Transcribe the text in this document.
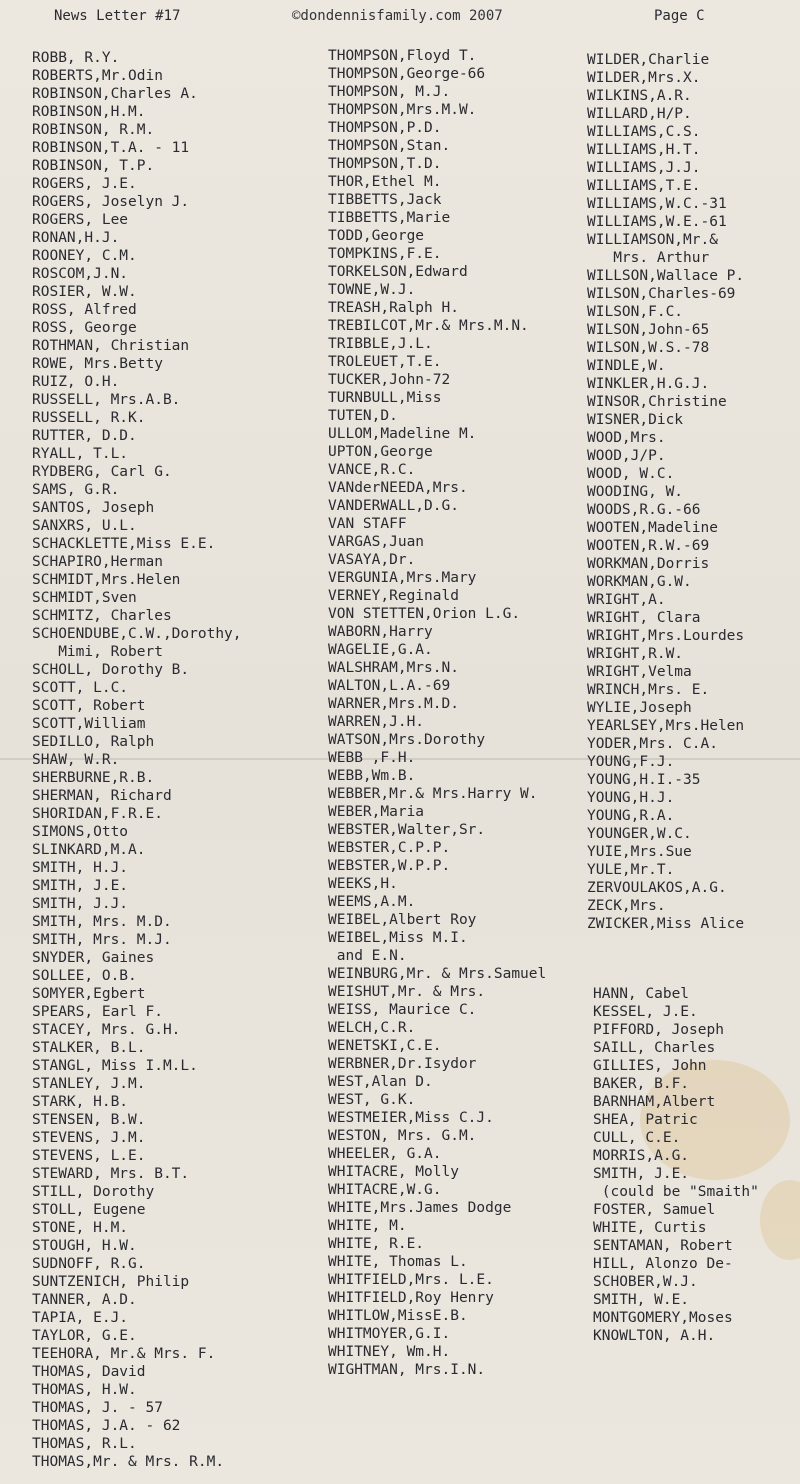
News Letter #17	©dondennisfamily.com 2007	Page C
ROBB, R.Y.
ROBERTS,Mr.Odin
ROBINSON,Charles A.
ROBINSON,H.M.
ROBINSON, R.M.
ROBINSON,T.A. - 11
ROBINSON, T.P.
ROGERS, J.E.
ROGERS, Joselyn J.
ROGERS, Lee
RONAN,H.J.
ROONEY, C.M.
ROSCOM,J.N.
ROSIER, W.W.
ROSS, Alfred
ROSS, George
ROTHMAN, Christian
ROWE, Mrs.Betty
RUIZ, O.H.
RUSSELL, Mrs.A.B.
RUSSELL, R.K.
RUTTER, D.D.
RYALL, T.L.
RYDBERG, Carl G.
SAMS, G.R.
SANTOS, Joseph
SANXRS, U.L.
SCHACKLETTE,Miss E.E.
SCHAPIRO,Herman
SCHMIDT,Mrs.Helen
SCHMIDT,Sven
SCHMITZ, Charles
SCHOENDUBE,C.W.,Dorothy,
Mimi, Robert
SCHOLL, Dorothy B.
SCOTT, L.C.
SCOTT, Robert
SCOTT,William
SEDILLO, Ralph
SHAW, W.R.
SHERBURNE,R.B.
SHERMAN, Richard
SHORIDAN,F.R.E.
SIMONS,Otto
SLINKARD,M.A.
SMITH, H.J.
SMITH, J.E.
SMITH, J.J.
SMITH, Mrs. M.D.
SMITH, Mrs. M.J.
SNYDER, Gaines
SOLLEE, O.B.
SOMYER,Egbert
SPEARS, Earl F.
STACEY, Mrs. G.H.
STALKER, B.L.
STANGL, Miss I.M.L.
STANLEY, J.M.
STARK, H.B.
STENSEN, B.W.
STEVENS, J.M.
STEVENS, L.E.
STEWARD, Mrs. B.T.
STILL, Dorothy
STOLL, Eugene
STONE, H.M.
STOUGH, H.W.
SUDNOFF, R.G.
SUNTZENICH, Philip
TANNER, A.D.
TAPIA, E.J.
TAYLOR, G.E.
TEEHORA, Mr.& Mrs. F.
THOMAS, David
THOMAS, H.W.
THOMAS, J. - 57
THOMAS, J.A. - 62
THOMAS, R.L.
THOMAS,Mr. & Mrs. R.M.
THOMPSON,Floyd T.
THOMPSON,George-66
THOMPSON, M.J.
THOMPSON,Mrs.M.W.
THOMPSON,P.D.
THOMPSON,Stan.
THOMPSON,T.D.
THOR,Ethel M.
TIBBETTS,Jack
TIBBETTS,Marie
TODD,George
TOMPKINS,F.E.
TORKELSON,Edward
TOWNE,W.J.
TREASH,Ralph H.
TREBILCOT,Mr.& Mrs.M.N.
TRIBBLE,J.L.
TROLEUET,T.E.
TUCKER,John-72
TURNBULL,Miss
TUTEN,D.
ULLOM,Madeline M.
UPTON,George
VANCE,R.C.
VANderNEEDA,Mrs.
VANDERWALL,D.G.
VAN STAFF
VARGAS,Juan
VASAYA,Dr.
VERGUNIA,Mrs.Mary
VERNEY,Reginald
VON STETTEN,Orion L.G.
WABORN,Harry
WAGELIE,G.A.
WALSHRAM,Mrs.N.
WALTON,L.A.-69
WARNER,Mrs.M.D.
WARREN,J.H.
WATSON,Mrs.Dorothy
WEBB ,F.H.
WEBB,Wm.B.
WEBBER,Mr.& Mrs.Harry W.
WEBER,Maria
WEBSTER,Walter,Sr.
WEBSTER,C.P.P.
WEBSTER,W.P.P.
WEEKS,H.
WEEMS,A.M.
WEIBEL,Albert Roy
WEIBEL,Miss M.I.
and E.N.
WEINBURG,Mr. & Mrs.Samuel
WEISHUT,Mr. & Mrs.
WEISS, Maurice C.
WELCH,C.R.
WENETSKI,C.E.
WERBNER,Dr.Isydor
WEST,Alan D.
WEST, G.K.
WESTMEIER,Miss C.J.
WESTON, Mrs. G.M.
WHEELER, G.A.
WHITACRE, Molly
WHITACRE,W.G.
WHITE,Mrs.James Dodge
WHITE, M.
WHITE, R.E.
WHITE, Thomas L.
WHITFIELD,Mrs. L.E.
WHITFIELD,Roy Henry
WHITLOW,MissE.B.
WHITMOYER,G.I.
WHITNEY, Wm.H.
WIGHTMAN, Mrs.I.N.
WILDER,Charlie
WILDER,Mrs.X.
WILKINS,A.R.
WILLARD,H/P.
WILLIAMS,C.S.
WILLIAMS,H.T.
WILLIAMS,J.J.
WILLIAMS,T.E.
WILLIAMS,W.C.-31
WILLIAMS,W.E.-61
WILLIAMSON,Mr.&
Mrs. Arthur
WILLSON,Wallace P.
WILSON,Charles-69
WILSON,F.C.
WILSON,John-65
WILSON,W.S.-78
WINDLE,W.
WINKLER,H.G.J.
WINSOR,Christine
WISNER,Dick
WOOD,Mrs.
WOOD,J/P.
WOOD, W.C.
WOODING, W.
WOODS,R.G.-66
WOOTEN,Madeline
WOOTEN,R.W.-69
WORKMAN,Dorris
WORKMAN,G.W.
WRIGHT,A.
WRIGHT, Clara
WRIGHT,Mrs.Lourdes
WRIGHT,R.W.
WRIGHT,Velma
WRINCH,Mrs. E.
WYLIE,Joseph
YEARLSEY,Mrs.Helen
YODER,Mrs. C.A.
YOUNG,F.J.
YOUNG,H.I.-35
YOUNG,H.J.
YOUNG,R.A.
YOUNGER,W.C.
YUIE,Mrs.Sue
YULE,Mr.T.
ZERVOULAKOS,A.G.
ZECK,Mrs.
ZWICKER,Miss Alice
HANN, Cabel
KESSEL, J.E.
PIFFORD, Joseph
SAILL, Charles
GILLIES, John
BAKER, B.F.
BARNHAM,Albert
SHEA, Patric
CULL, C.E.
MORRIS,A.G.
SMITH, J.E.
(could be "Smaith"
FOSTER, Samuel
WHITE, Curtis
SENTAMAN, Robert
HILL, Alonzo De-
SCHOBER,W.J.
SMITH, W.E.
MONTGOMERY,Moses
KNOWLTON, A.H.
